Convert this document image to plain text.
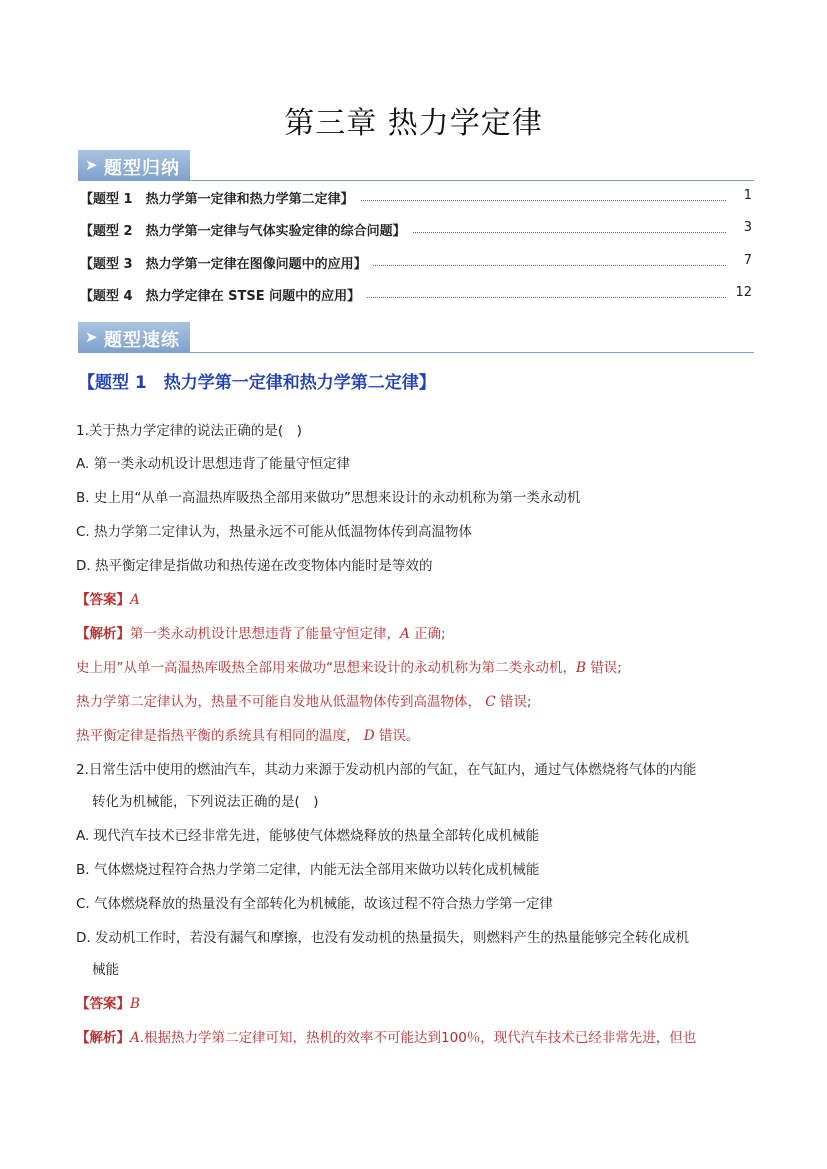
第三章 热力学定律
➤ 题型归纳
【题型 1　热力学第一定律和热力学第二定律】	1
【题型 2　热力学第一定律与气体实验定律的综合问题】	3
【题型 3　热力学第一定律在图像问题中的应用】	7
【题型 4　热力学定律在 STSE 问题中的应用】	12
➤ 题型速练
【题型 1　热力学第一定律和热力学第二定律】
1.关于热力学定律的说法正确的是(　)
A. 第一类永动机设计思想违背了能量守恒定律
B. 史上用“从单一高温热库吸热全部用来做功”思想来设计的永动机称为第一类永动机
C. 热力学第二定律认为，热量永远不可能从低温物体传到高温物体
D. 热平衡定律是指做功和热传递在改变物体内能时是等效的
【答案】A
【解析】第一类永动机设计思想违背了能量守恒定律，A 正确;
史上用”从单一高温热库吸热全部用来做功“思想来设计的永动机称为第二类永动机，B 错误;
热力学第二定律认为，热量不可能自发地从低温物体传到高温物体， C 错误;
热平衡定律是指热平衡的系统具有相同的温度， D 错误。
2.日常生活中使用的燃油汽车，其动力来源于发动机内部的气缸，在气缸内，通过气体燃烧将气体的内能
转化为机械能，下列说法正确的是(　)
A. 现代汽车技术已经非常先进，能够使气体燃烧释放的热量全部转化成机械能
B. 气体燃烧过程符合热力学第二定律，内能无法全部用来做功以转化成机械能
C. 气体燃烧释放的热量没有全部转化为机械能，故该过程不符合热力学第一定律
D. 发动机工作时，若没有漏气和摩擦，也没有发动机的热量损失，则燃料产生的热量能够完全转化成机
械能
【答案】B
【解析】A.根据热力学第二定律可知，热机的效率不可能达到100％，现代汽车技术已经非常先进，但也
